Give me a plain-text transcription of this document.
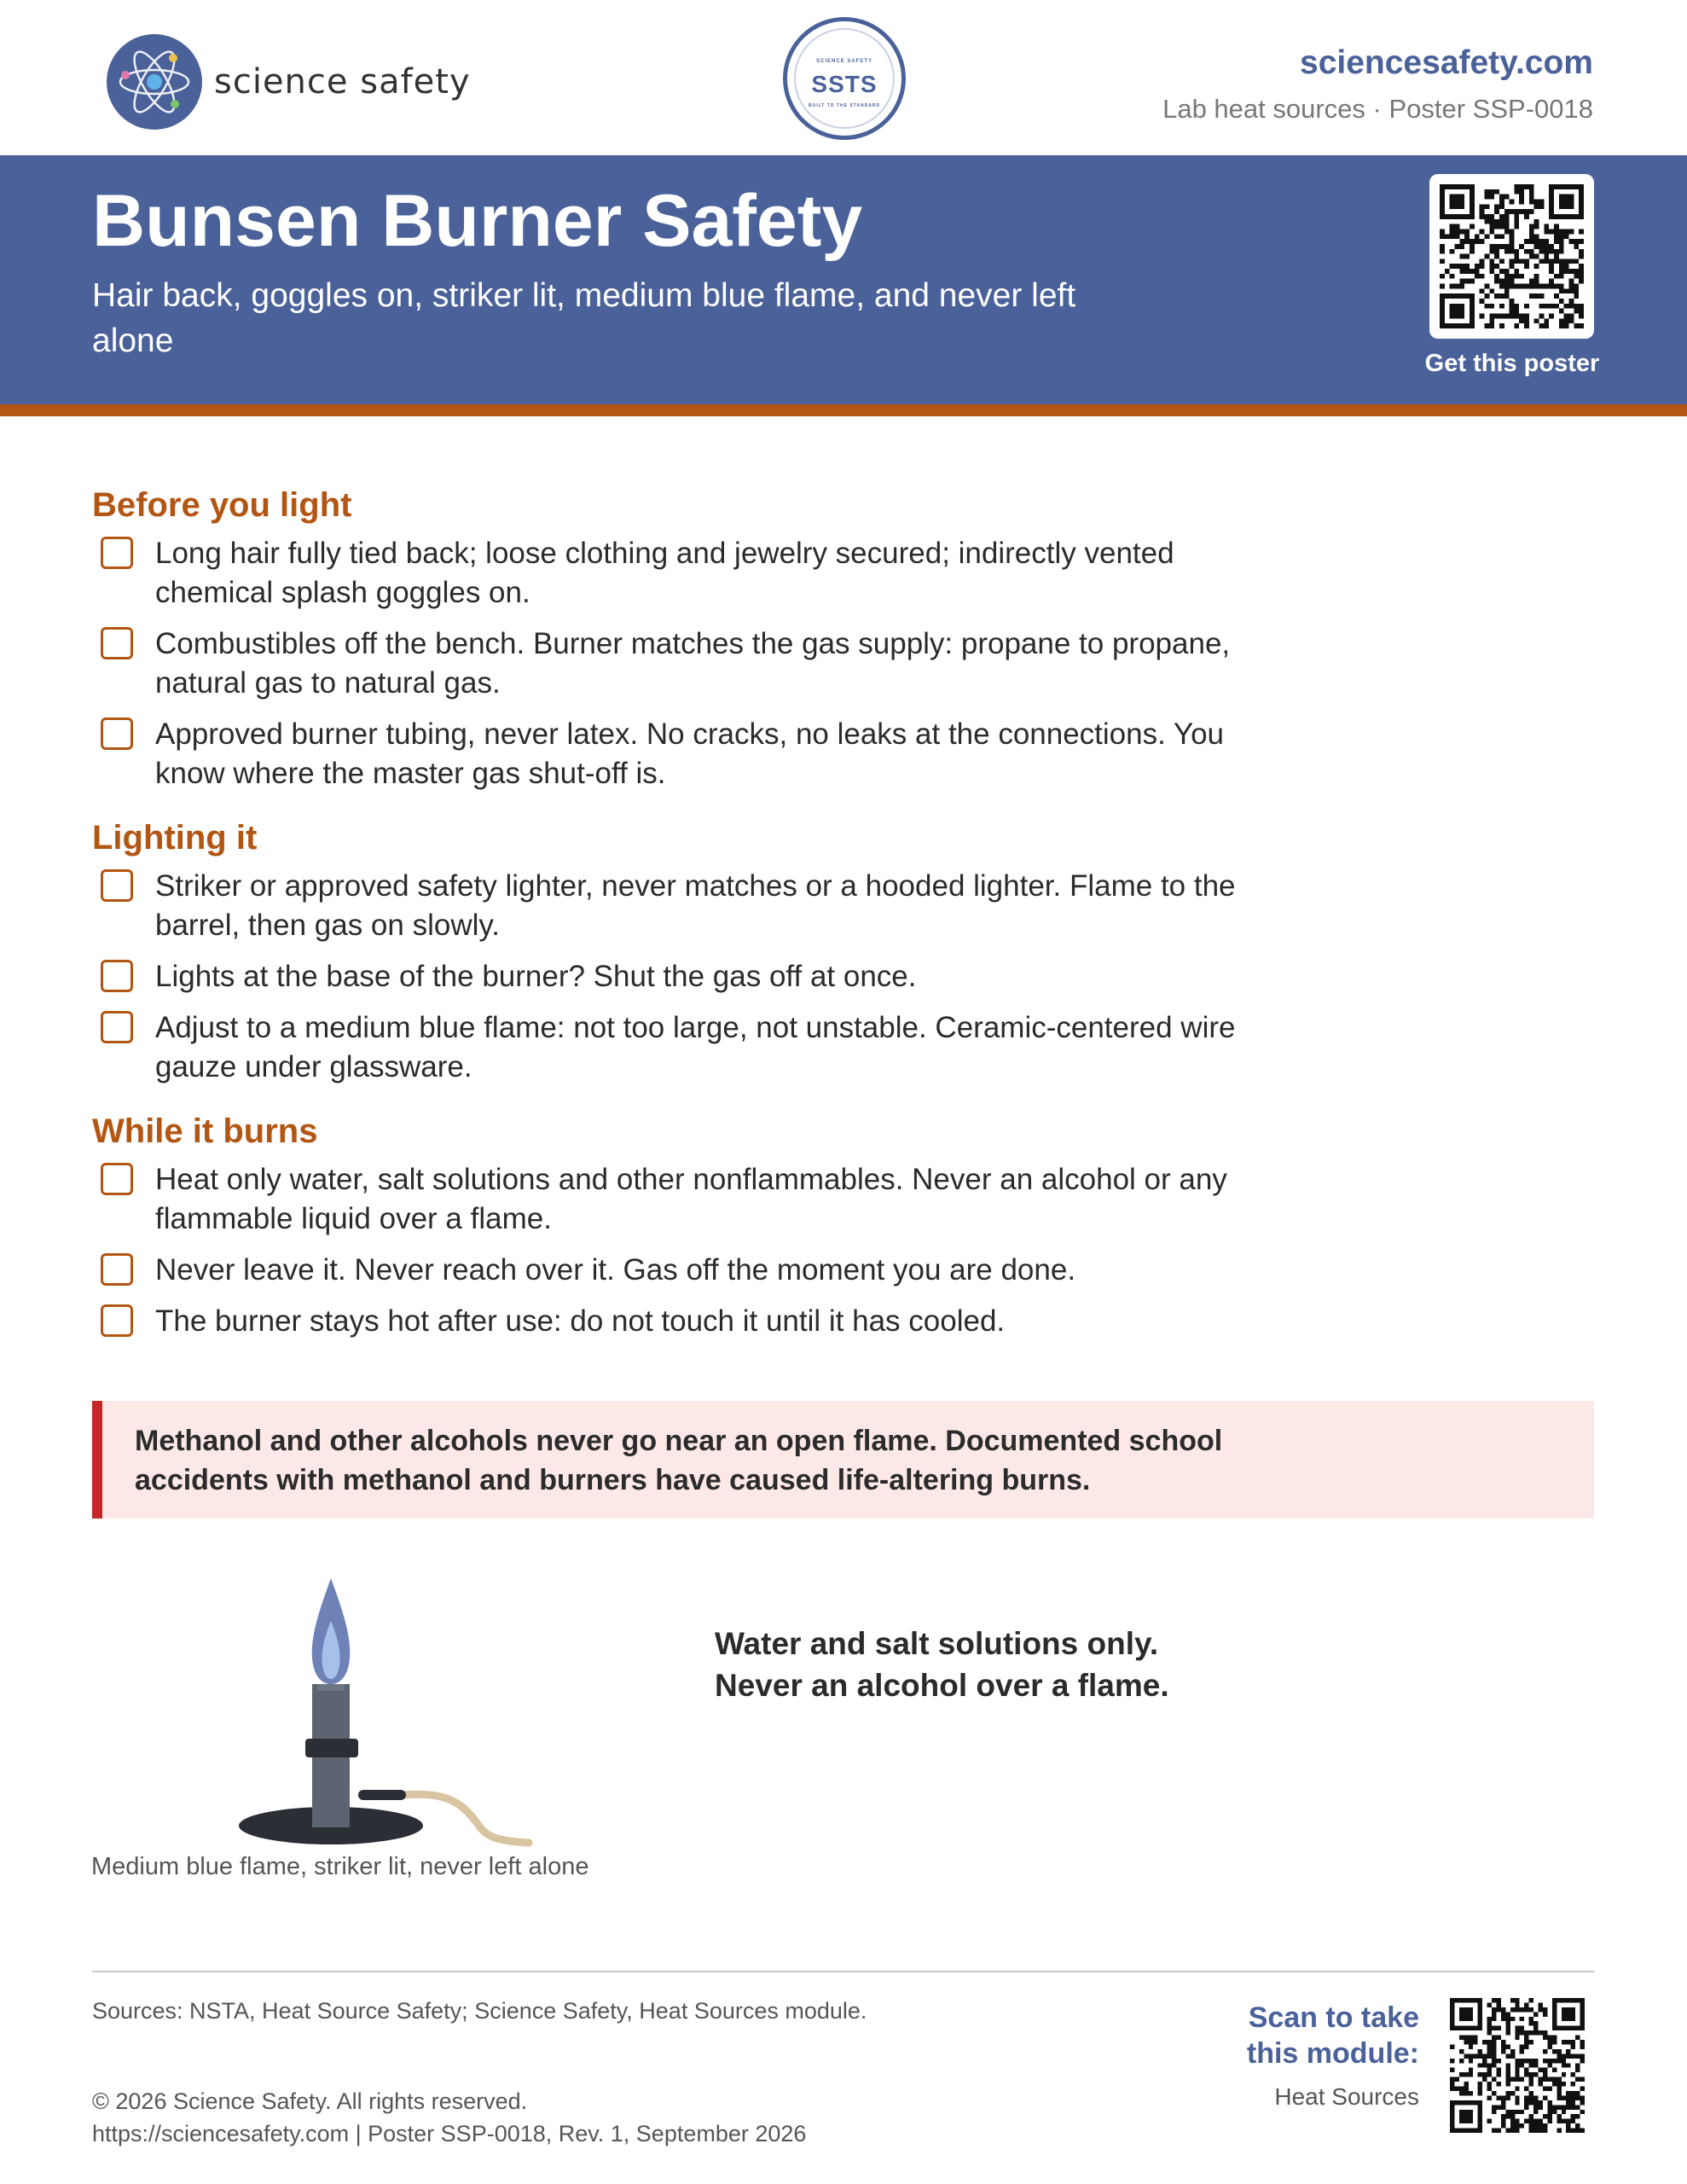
science safety
SCIENCE SAFETY
SSTS
BUILT TO THE STANDARD
sciencesafety.com
Lab heat sources · Poster SSP-0018
Bunsen Burner Safety
Hair back, goggles on, striker lit, medium blue flame, and never left alone
Get this poster
Before you light
Long hair fully tied back; loose clothing and jewelry secured; indirectly vented chemical splash goggles on.
Combustibles off the bench. Burner matches the gas supply: propane to propane, natural gas to natural gas.
Approved burner tubing, never latex. No cracks, no leaks at the connections. You know where the master gas shut-off is.
Lighting it
Striker or approved safety lighter, never matches or a hooded lighter. Flame to the barrel, then gas on slowly.
Lights at the base of the burner? Shut the gas off at once.
Adjust to a medium blue flame: not too large, not unstable. Ceramic-centered wire gauze under glassware.
While it burns
Heat only water, salt solutions and other nonflammables. Never an alcohol or any flammable liquid over a flame.
Never leave it. Never reach over it. Gas off the moment you are done.
The burner stays hot after use: do not touch it until it has cooled.
Methanol and other alcohols never go near an open flame. Documented school accidents with methanol and burners have caused life-altering burns.
Medium blue flame, striker lit, never left alone
Water and salt solutions only.
Never an alcohol over a flame.
Sources: NSTA, Heat Source Safety; Science Safety, Heat Sources module.
© 2026 Science Safety. All rights reserved.
https://sciencesafety.com | Poster SSP-0018, Rev. 1, September 2026
Scan to take this module:
Heat Sources
